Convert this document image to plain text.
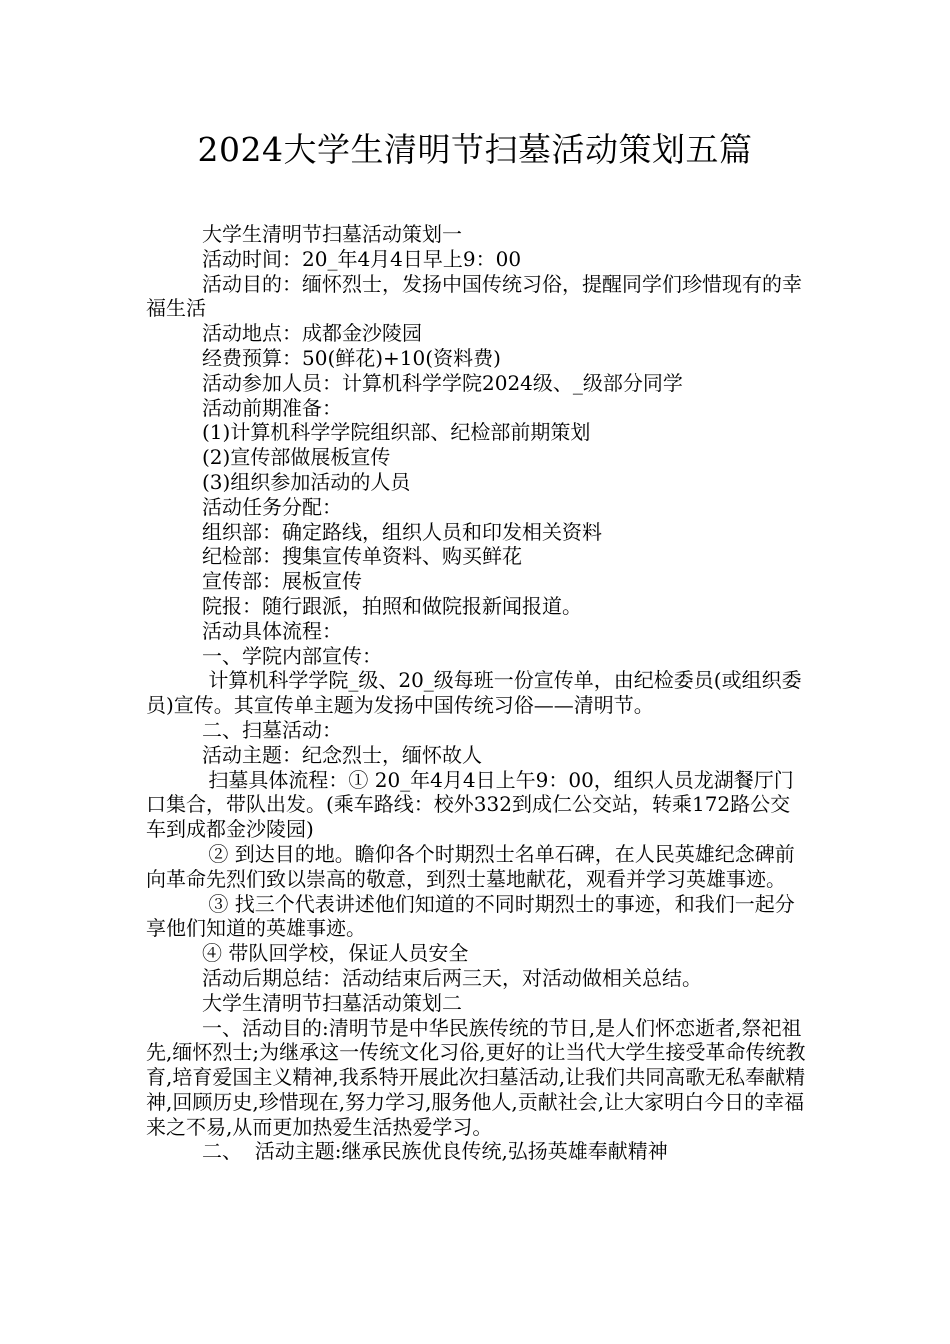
2024大学生清明节扫墓活动策划五篇

大学生清明节扫墓活动策划一

活动时间：20_年4月4日早上9：00

活动目的：缅怀烈士，发扬中国传统习俗，提醒同学们珍惜现有的幸福生活

活动地点：成都金沙陵园

经费预算：50(鲜花)+10(资料费)

活动参加人员：计算机科学学院2024级、_级部分同学

活动前期准备：

(1)计算机科学学院组织部、纪检部前期策划

(2)宣传部做展板宣传

(3)组织参加活动的人员

活动任务分配：

组织部：确定路线，组织人员和印发相关资料

纪检部：搜集宣传单资料、购买鲜花

宣传部：展板宣传

院报：随行跟派，拍照和做院报新闻报道。

活动具体流程：

一、学院内部宣传：

计算机科学学院_级、20_级每班一份宣传单，由纪检委员(或组织委员)宣传。其宣传单主题为发扬中国传统习俗——清明节。

二、扫墓活动：

活动主题：纪念烈士，缅怀故人

扫墓具体流程：① 20_年4月4日上午9：00，组织人员龙湖餐厅门口集合，带队出发。(乘车路线：校外332到成仁公交站，转乘172路公交车到成都金沙陵园)

② 到达目的地。瞻仰各个时期烈士名单石碑，在人民英雄纪念碑前向革命先烈们致以崇高的敬意，到烈士墓地献花，观看并学习英雄事迹。

③ 找三个代表讲述他们知道的不同时期烈士的事迹，和我们一起分享他们知道的英雄事迹。

④ 带队回学校，保证人员安全

活动后期总结：活动结束后两三天，对活动做相关总结。

大学生清明节扫墓活动策划二

一、活动目的:清明节是中华民族传统的节日,是人们怀恋逝者,祭祀祖先,缅怀烈士;为继承这一传统文化习俗,更好的让当代大学生接受革命传统教育,培育爱国主义精神,我系特开展此次扫墓活动,让我们共同高歌无私奉献精神,回顾历史,珍惜现在,努力学习,服务他人,贡献社会,让大家明白今日的幸福来之不易,从而更加热爱生活热爱学习。

二、  活动主题:继承民族优良传统,弘扬英雄奉献精神
